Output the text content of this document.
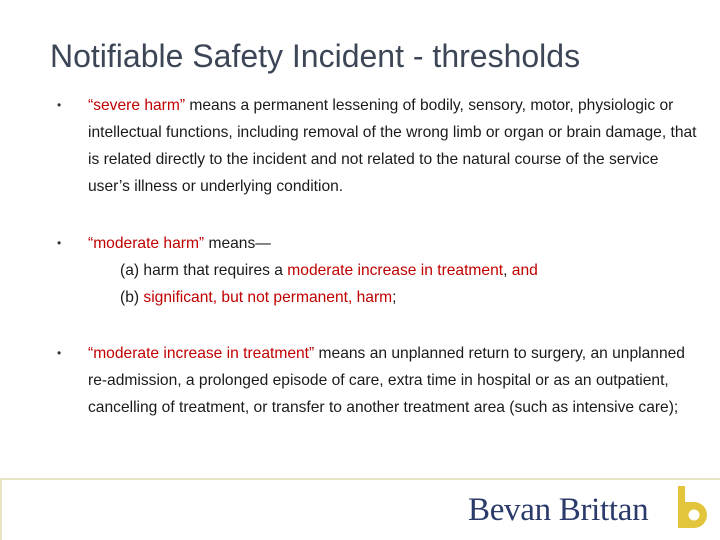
Notifiable Safety Incident - thresholds
• “severe harm” means a permanent lessening of bodily, sensory, motor, physiologic or intellectual functions, including removal of the wrong limb or organ or brain damage, that is related directly to the incident and not related to the natural course of the service user’s illness or underlying condition.
• “moderate harm” means—
(a) harm that requires a moderate increase in treatment, and
(b) significant, but not permanent, harm;
• “moderate increase in treatment” means an unplanned return to surgery, an unplanned re-admission, a prolonged episode of care, extra time in hospital or as an outpatient, cancelling of treatment, or transfer to another treatment area (such as intensive care);
Bevan Brittan
